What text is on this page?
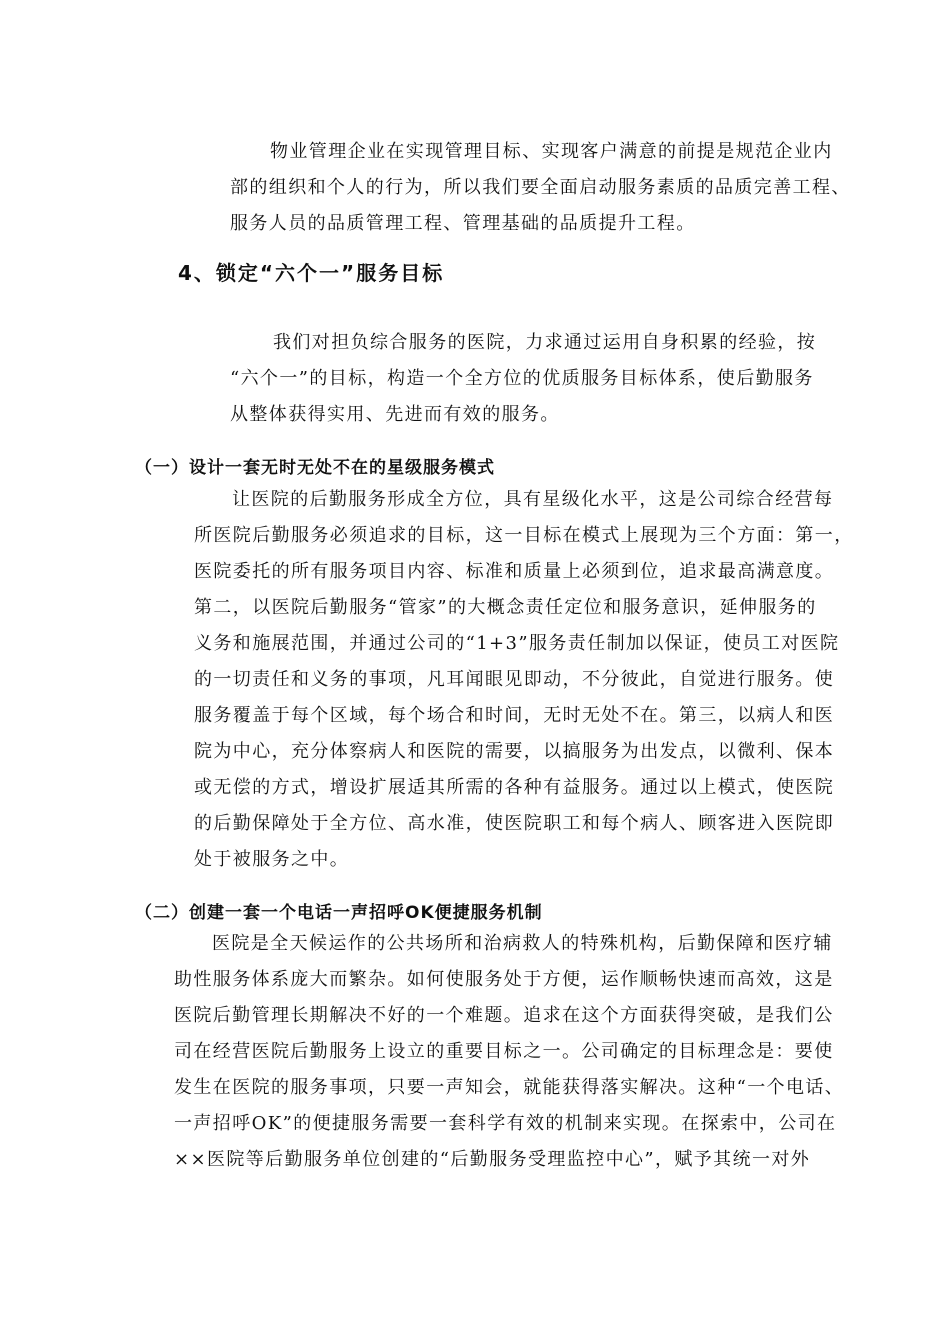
物业管理企业在实现管理目标、实现客户满意的前提是规范企业内
部的组织和个人的行为，所以我们要全面启动服务素质的品质完善工程、
服务人员的品质管理工程、管理基础的品质提升工程。
4、锁定“六个一”服务目标
我们对担负综合服务的医院，力求通过运用自身积累的经验，按
“六个一”的目标，构造一个全方位的优质服务目标体系，使后勤服务
从整体获得实用、先进而有效的服务。
（一）设计一套无时无处不在的星级服务模式
让医院的后勤服务形成全方位，具有星级化水平，这是公司综合经营每
所医院后勤服务必须追求的目标，这一目标在模式上展现为三个方面：第一，
医院委托的所有服务项目内容、标准和质量上必须到位，追求最高满意度。
第二，以医院后勤服务“管家”的大概念责任定位和服务意识，延伸服务的
义务和施展范围，并通过公司的“1+3”服务责任制加以保证，使员工对医院
的一切责任和义务的事项，凡耳闻眼见即动，不分彼此，自觉进行服务。使
服务覆盖于每个区域，每个场合和时间，无时无处不在。第三，以病人和医
院为中心，充分体察病人和医院的需要，以搞服务为出发点，以微利、保本
或无偿的方式，增设扩展适其所需的各种有益服务。通过以上模式，使医院
的后勤保障处于全方位、高水准，使医院职工和每个病人、顾客进入医院即
处于被服务之中。
（二）创建一套一个电话一声招呼OK便捷服务机制
医院是全天候运作的公共场所和治病救人的特殊机构，后勤保障和医疗辅
助性服务体系庞大而繁杂。如何使服务处于方便，运作顺畅快速而高效，这是
医院后勤管理长期解决不好的一个难题。追求在这个方面获得突破，是我们公
司在经营医院后勤服务上设立的重要目标之一。公司确定的目标理念是：要使
发生在医院的服务事项，只要一声知会，就能获得落实解决。这种“一个电话、
一声招呼OK”的便捷服务需要一套科学有效的机制来实现。在探索中，公司在
××医院等后勤服务单位创建的“后勤服务受理监控中心”，赋予其统一对外
